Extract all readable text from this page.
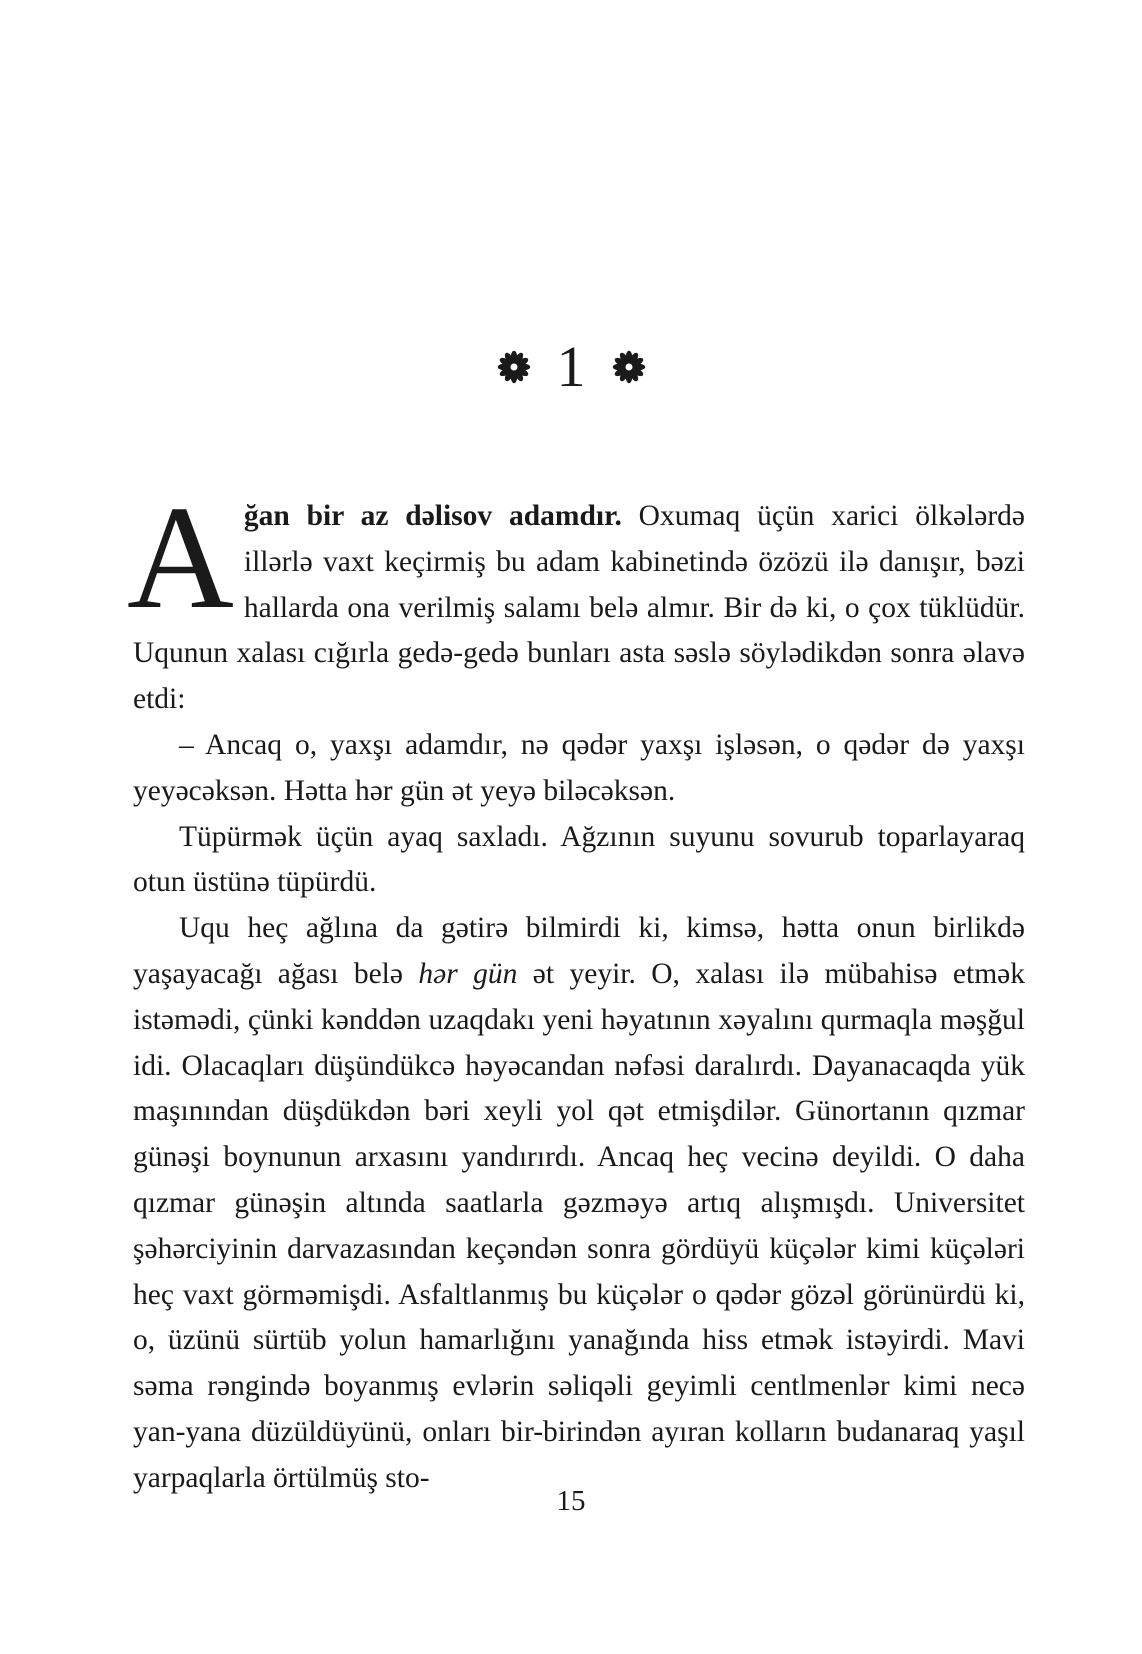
1

Ağan bir az dəlisov adamdır. Oxumaq üçün xarici ölkələrdə illərlə vaxt keçirmiş bu adam kabinetində özözü ilə danışır, bəzi hallarda ona verilmiş salamı belə almır. Bir də ki, o çox tüklüdür. Uqunun xalası cığırla gedə-gedə bunları asta səslə söylədikdən sonra əlavə etdi:

– Ancaq o, yaxşı adamdır, nə qədər yaxşı işləsən, o qədər də yaxşı yeyəcəksən. Hətta hər gün ət yeyə biləcəksən.

Tüpürmək üçün ayaq saxladı. Ağzının suyunu sovurub toparlayaraq otun üstünə tüpürdü.

Uqu heç ağlına da gətirə bilmirdi ki, kimsə, hətta onun birlikdə yaşayacağı ağası belə hər gün ət yeyir. O, xalası ilə mübahisə etmək istəmədi, çünki kənddən uzaqdakı yeni həyatının xəyalını qurmaqla məşğul idi. Olacaqları düşündükcə həyəcandan nəfəsi daralırdı. Dayanacaqda yük maşınından düşdükdən bəri xeyli yol qət etmişdilər. Günortanın qızmar günəşi boynunun arxasını yandırırdı. Ancaq heç vecinə deyildi. O daha qızmar günəşin altında saatlarla gəzməyə artıq alışmışdı. Universitet şəhərciyinin darvazasından keçəndən sonra gördüyü küçələr kimi küçələri heç vaxt görməmişdi. Asfaltlanmış bu küçələr o qədər gözəl görünürdü ki, o, üzünü sürtüb yolun hamarlığını yanağında hiss etmək istəyirdi. Mavi səma rəngində boyanmış evlərin səliqəli geyimli centlmenlər kimi necə yan-yana düzüldüyünü, onları bir-birindən ayıran kolların budanaraq yaşıl yarpaqlarla örtülmüş sto-

15
